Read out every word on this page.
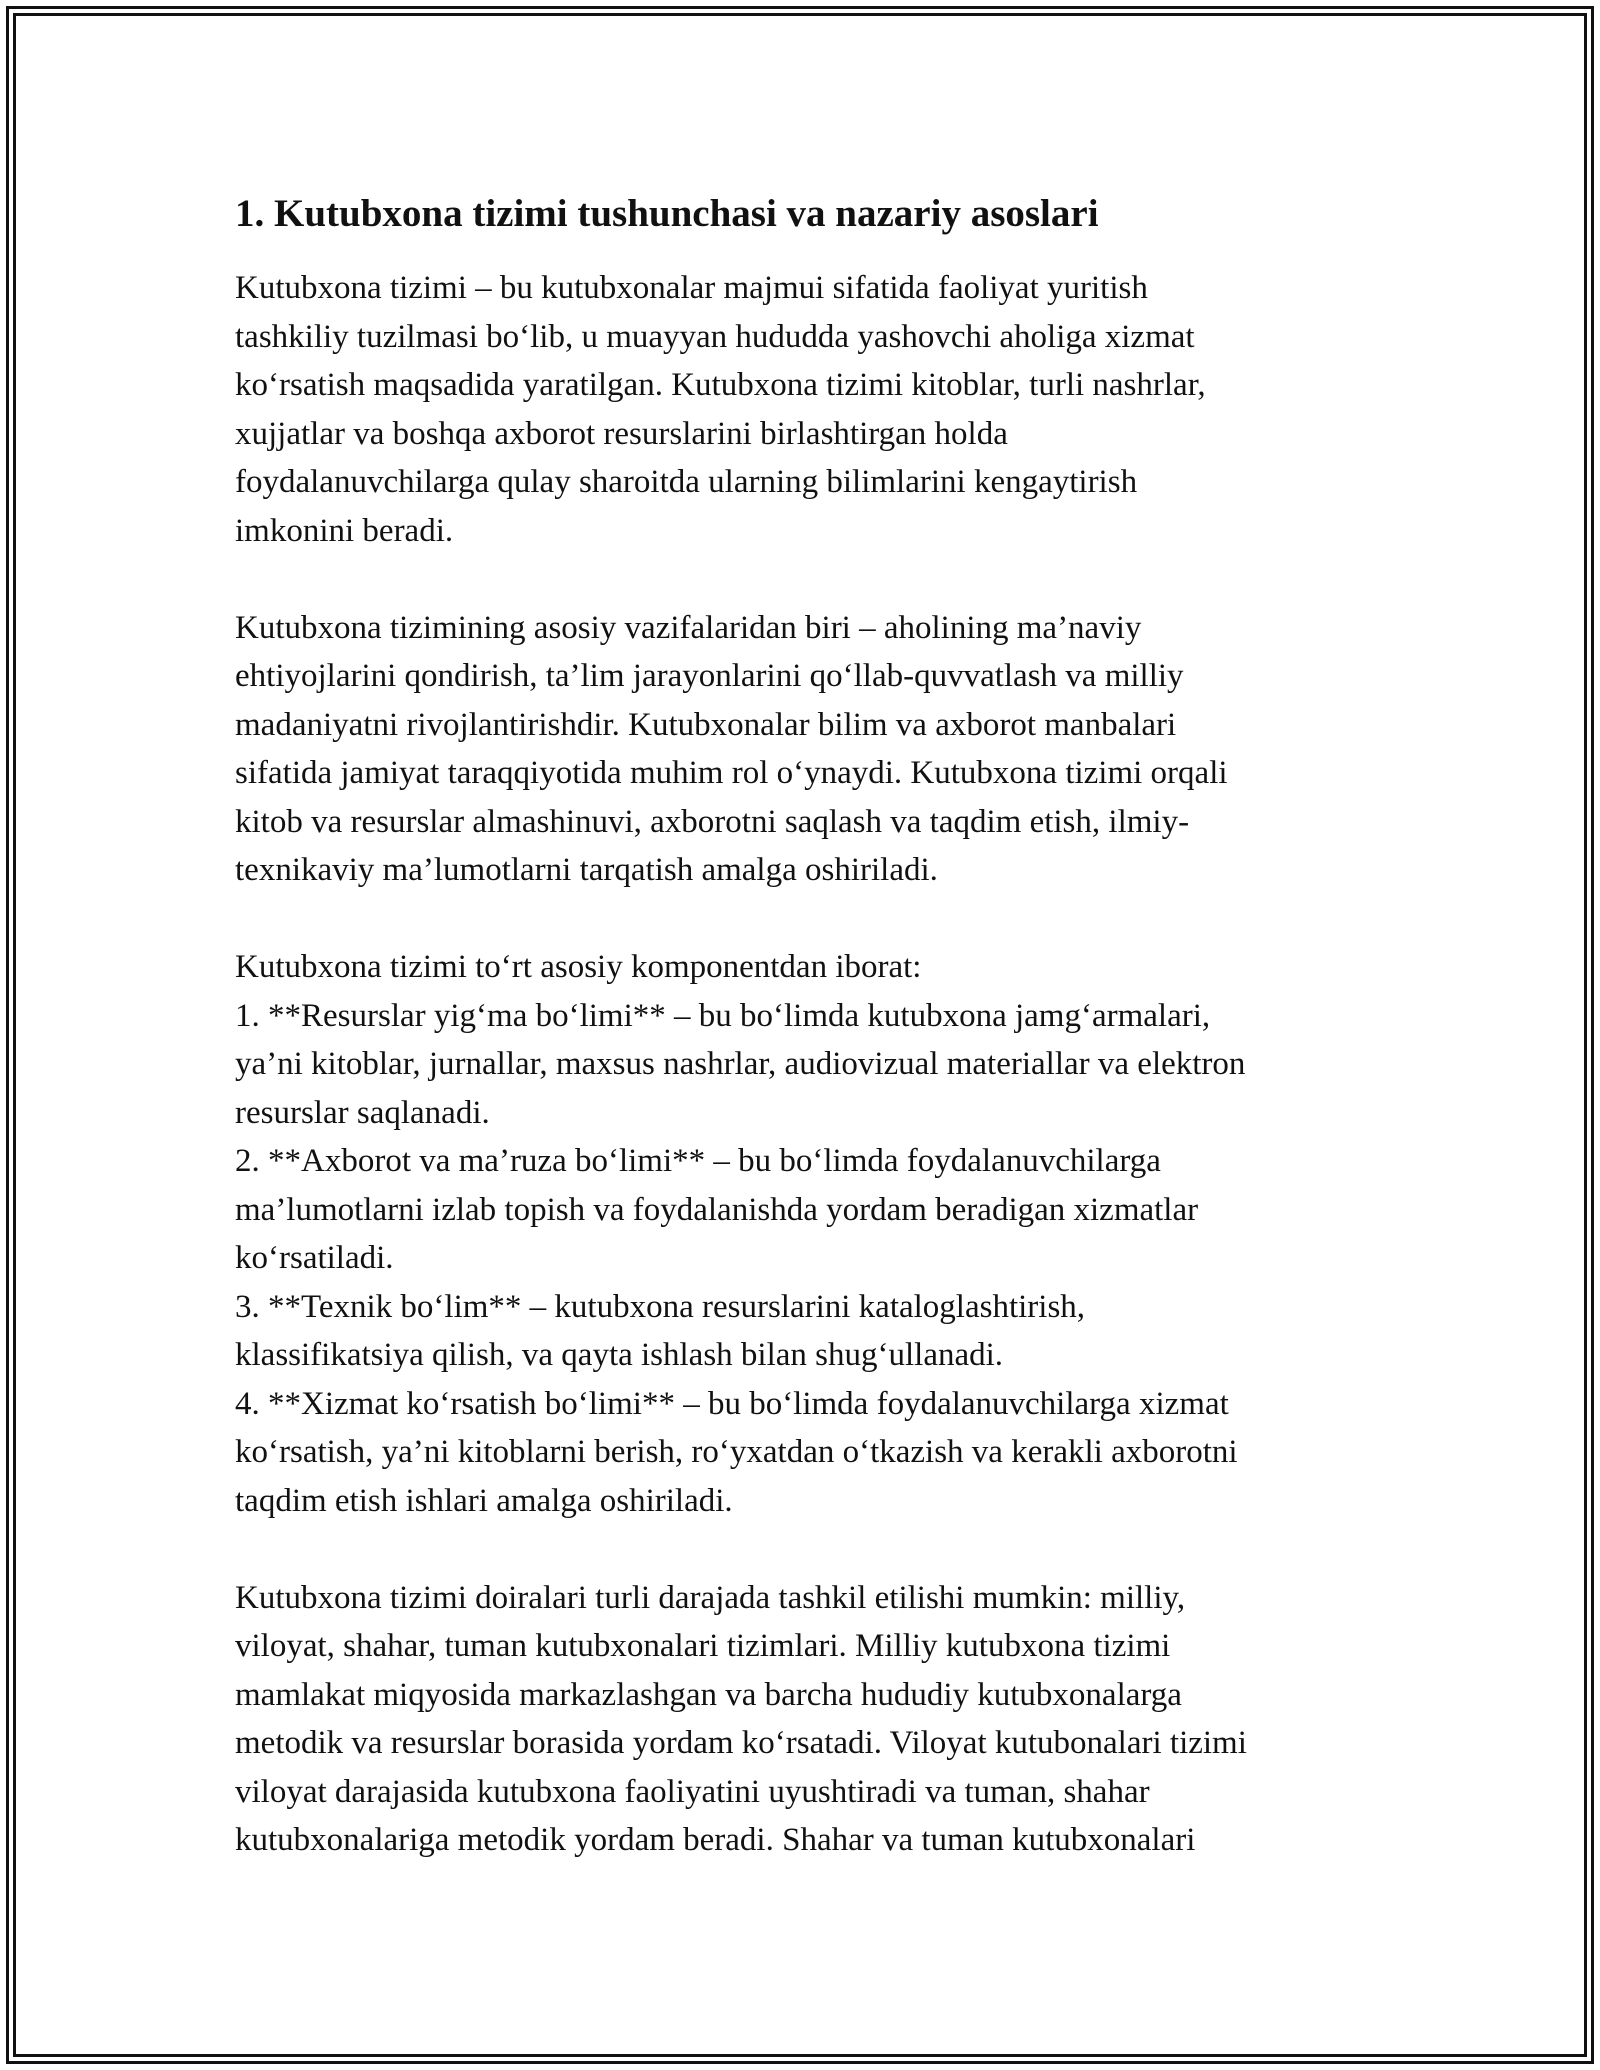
1. Kutubxona tizimi tushunchasi va nazariy asoslari
Kutubxona tizimi – bu kutubxonalar majmui sifatida faoliyat yuritish
tashkiliy tuzilmasi bo‘lib, u muayyan hududda yashovchi aholiga xizmat
ko‘rsatish maqsadida yaratilgan. Kutubxona tizimi kitoblar, turli nashrlar,
xujjatlar va boshqa axborot resurslarini birlashtirgan holda
foydalanuvchilarga qulay sharoitda ularning bilimlarini kengaytirish
imkonini beradi.
Kutubxona tizimining asosiy vazifalaridan biri – aholining ma’naviy
ehtiyojlarini qondirish, ta’lim jarayonlarini qo‘llab-quvvatlash va milliy
madaniyatni rivojlantirishdir. Kutubxonalar bilim va axborot manbalari
sifatida jamiyat taraqqiyotida muhim rol o‘ynaydi. Kutubxona tizimi orqali
kitob va resurslar almashinuvi, axborotni saqlash va taqdim etish, ilmiy-
texnikaviy ma’lumotlarni tarqatish amalga oshiriladi.
Kutubxona tizimi to‘rt asosiy komponentdan iborat:
1. **Resurslar yig‘ma bo‘limi** – bu bo‘limda kutubxona jamg‘armalari,
ya’ni kitoblar, jurnallar, maxsus nashrlar, audiovizual materiallar va elektron
resurslar saqlanadi.
2. **Axborot va ma’ruza bo‘limi** – bu bo‘limda foydalanuvchilarga
ma’lumotlarni izlab topish va foydalanishda yordam beradigan xizmatlar
ko‘rsatiladi.
3. **Texnik bo‘lim** – kutubxona resurslarini kataloglashtirish,
klassifikatsiya qilish, va qayta ishlash bilan shug‘ullanadi.
4. **Xizmat ko‘rsatish bo‘limi** – bu bo‘limda foydalanuvchilarga xizmat
ko‘rsatish, ya’ni kitoblarni berish, ro‘yxatdan o‘tkazish va kerakli axborotni
taqdim etish ishlari amalga oshiriladi.
Kutubxona tizimi doiralari turli darajada tashkil etilishi mumkin: milliy,
viloyat, shahar, tuman kutubxonalari tizimlari. Milliy kutubxona tizimi
mamlakat miqyosida markazlashgan va barcha hududiy kutubxonalarga
metodik va resurslar borasida yordam ko‘rsatadi. Viloyat kutubonalari tizimi
viloyat darajasida kutubxona faoliyatini uyushtiradi va tuman, shahar
kutubxonalariga metodik yordam beradi. Shahar va tuman kutubxonalari
